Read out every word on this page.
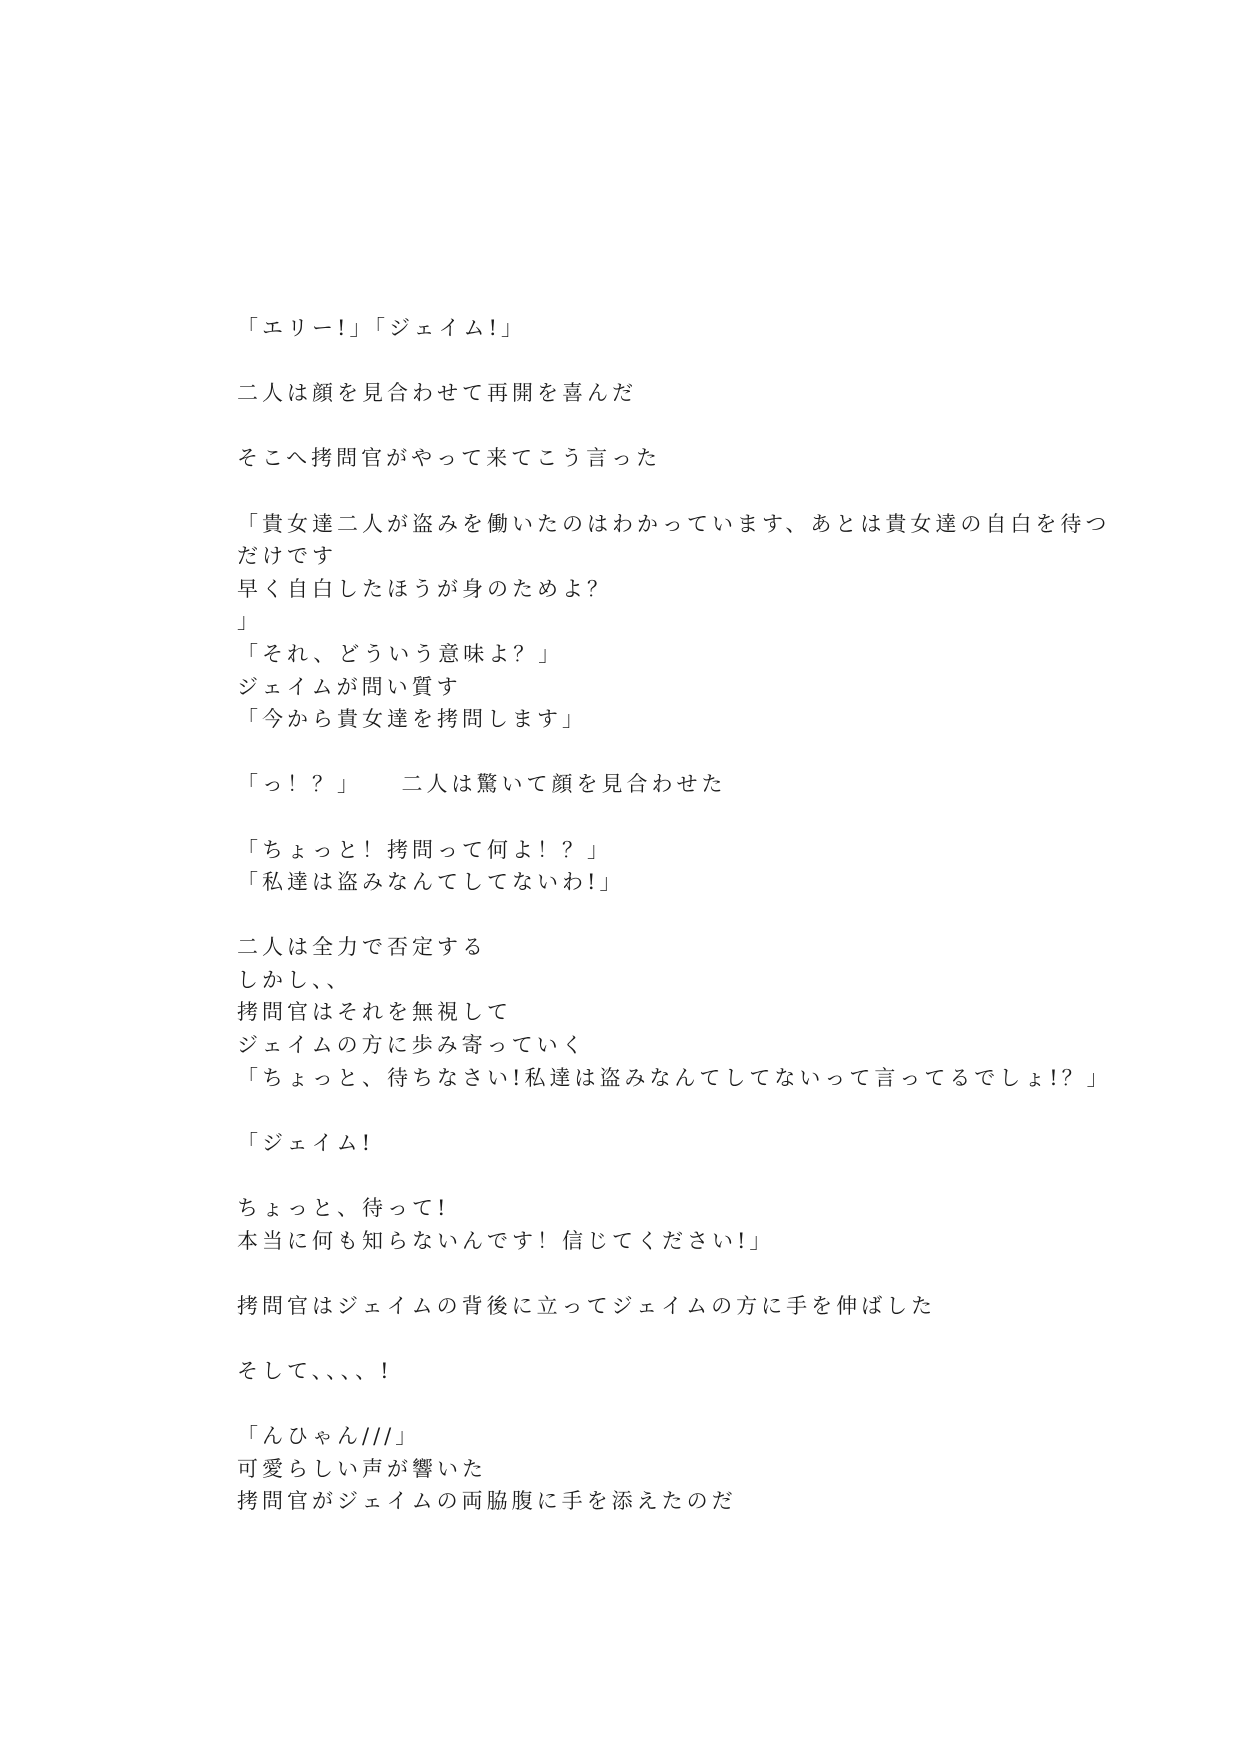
「エリー!」「ジェイム!」
二人は顔を見合わせて再開を喜んだ
そこへ拷問官がやって来てこう言った
「貴女達二人が盗みを働いたのはわかっています、あとは貴女達の自白を待つ
だけです
早く自白したほうが身のためよ？
」
「それ、どういう意味よ？」
ジェイムが問い質す
「今から貴女達を拷問します」
「っ！？」　　二人は驚いて顔を見合わせた
「ちょっと！拷問って何よ！？」
「私達は盗みなんてしてないわ!」
二人は全力で否定する
しかし、、
拷問官はそれを無視して
ジェイムの方に歩み寄っていく
「ちょっと、待ちなさい!私達は盗みなんてしてないって言ってるでしょ!？」
「ジェイム!
ちょっと、待って!
本当に何も知らないんです！信じてください!」
拷問官はジェイムの背後に立ってジェイムの方に手を伸ばした
そして、、、、!
「んひゃん///」
可愛らしい声が響いた
拷問官がジェイムの両脇腹に手を添えたのだ
